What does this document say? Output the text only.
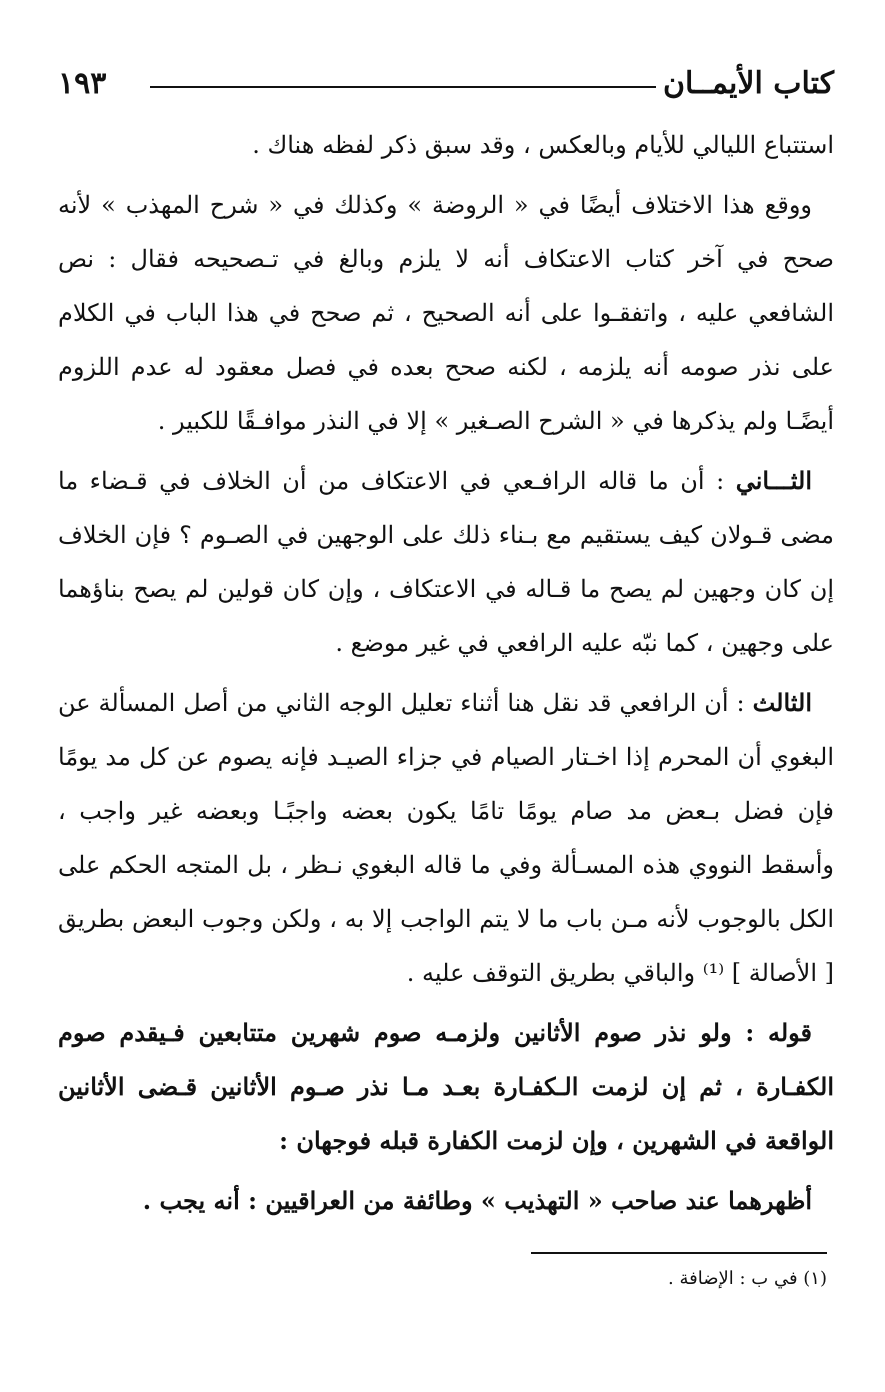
كتاب الأيمــان
١٩٣

استتباع الليالي للأيام وبالعكس ، وقد سبق ذكر لفظه هناك .

ووقع هذا الاختلاف أيضًا في « الروضة » وكذلك في « شرح المهذب » لأنه صحح في آخر كتاب الاعتكاف أنه لا يلزم وبالغ في تـصحيحه فقال : نص الشافعي عليه ، واتفقـوا على أنه الصحيح ، ثم صحح في هذا الباب في الكلام على نذر صومه أنه يلزمه ، لكنه صحح بعده في فصل معقود له عدم اللزوم أيضًـا ولم يذكرها في « الشرح الصـغير » إلا في النذر موافـقًا للكبير .

الثـــاني : أن ما قاله الرافـعي في الاعتكاف من أن الخلاف في قـضاء ما مضى قـولان كيف يستقيم مع بـناء ذلك على الوجهين في الصـوم ؟ فإن الخلاف إن كان وجهين لم يصح ما قـاله في الاعتكاف ، وإن كان قولين لم يصح بناؤهما على وجهين ، كما نبّه عليه الرافعي في غير موضع .

الثالث : أن الرافعي قد نقل هنا أثناء تعليل الوجه الثاني من أصل المسألة عن البغوي أن المحرم إذا اخـتار الصيام في جزاء الصيـد فإنه يصوم عن كل مد يومًا فإن فضل بـعض مد صام يومًا تامًا يكون بعضه واجبًـا وبعضه غير واجب ، وأسقط النووي هذه المسـألة وفي ما قاله البغوي نـظر ، بل المتجه الحكم على الكل بالوجوب لأنه مـن باب ما لا يتم الواجب إلا به ، ولكن وجوب البعض بطريق [ الأصالة ] ⁽¹⁾ والباقي بطريق التوقف عليه .

قوله : ولو نذر صوم الأثانين ولزمـه صوم شهرين متتابعين فـيقدم صوم الكفـارة ، ثم إن لزمت الـكفـارة بعـد مـا نذر صـوم الأثانين قـضى الأثانين الواقعة في الشهرين ، وإن لزمت الكفارة قبله فوجهان :

أظهرهما عند صاحب « التهذيب » وطائفة من العراقيين : أنه يجب .

(١) في ب : الإضافة .
